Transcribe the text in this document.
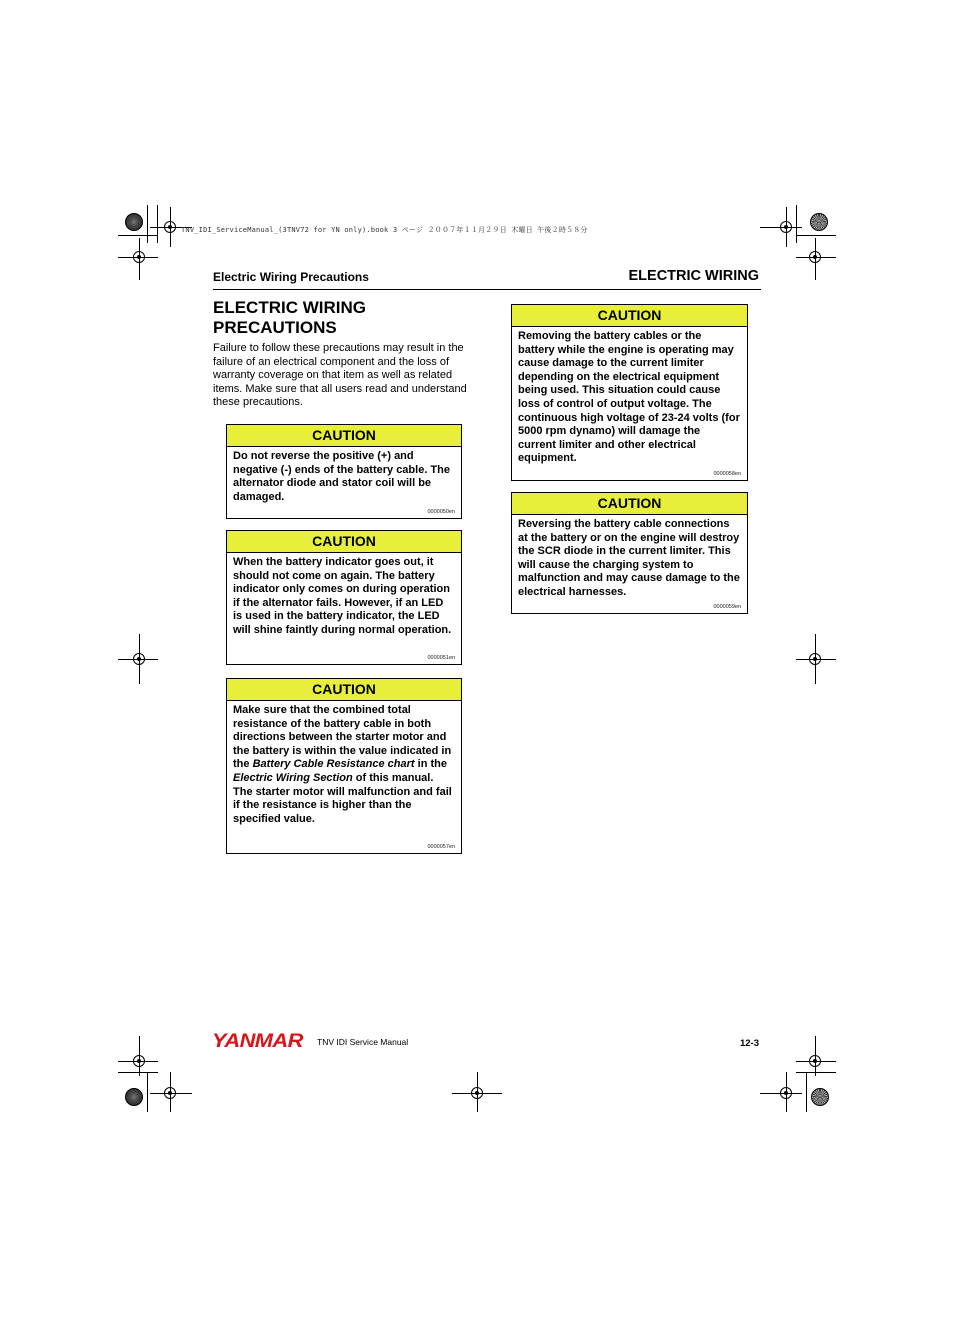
TNV_IDI_ServiceManual_(3TNV72 for YN only).book 3 ページ ２００７年１１月２９日 木曜日 午後２時５８分
Electric Wiring Precautions	ELECTRIC WIRING
ELECTRIC WIRING PRECAUTIONS
Failure to follow these precautions may result in the failure of an electrical component and the loss of warranty coverage on that item as well as related items. Make sure that all users read and understand these precautions.
CAUTION
Do not reverse the positive (+) and negative (-) ends of the battery cable. The alternator diode and stator coil will be damaged.
0000050en
CAUTION
When the battery indicator goes out, it should not come on again. The battery indicator only comes on during operation if the alternator fails. However, if an LED is used in the battery indicator, the LED will shine faintly during normal operation.
0000051en
CAUTION
Make sure that the combined total resistance of the battery cable in both directions between the starter motor and the battery is within the value indicated in the Battery Cable Resistance chart in the Electric Wiring Section of this manual. The starter motor will malfunction and fail if the resistance is higher than the specified value.
0000057en
CAUTION
Removing the battery cables or the battery while the engine is operating may cause damage to the current limiter depending on the electrical equipment being used. This situation could cause loss of control of output voltage. The continuous high voltage of 23-24 volts (for 5000 rpm dynamo) will damage the current limiter and other electrical equipment.
0000058en
CAUTION
Reversing the battery cable connections at the battery or on the engine will destroy the SCR diode in the current limiter. This will cause the charging system to malfunction and may cause damage to the electrical harnesses.
0000059en
YANMAR TNV IDI Service Manual	12-3
